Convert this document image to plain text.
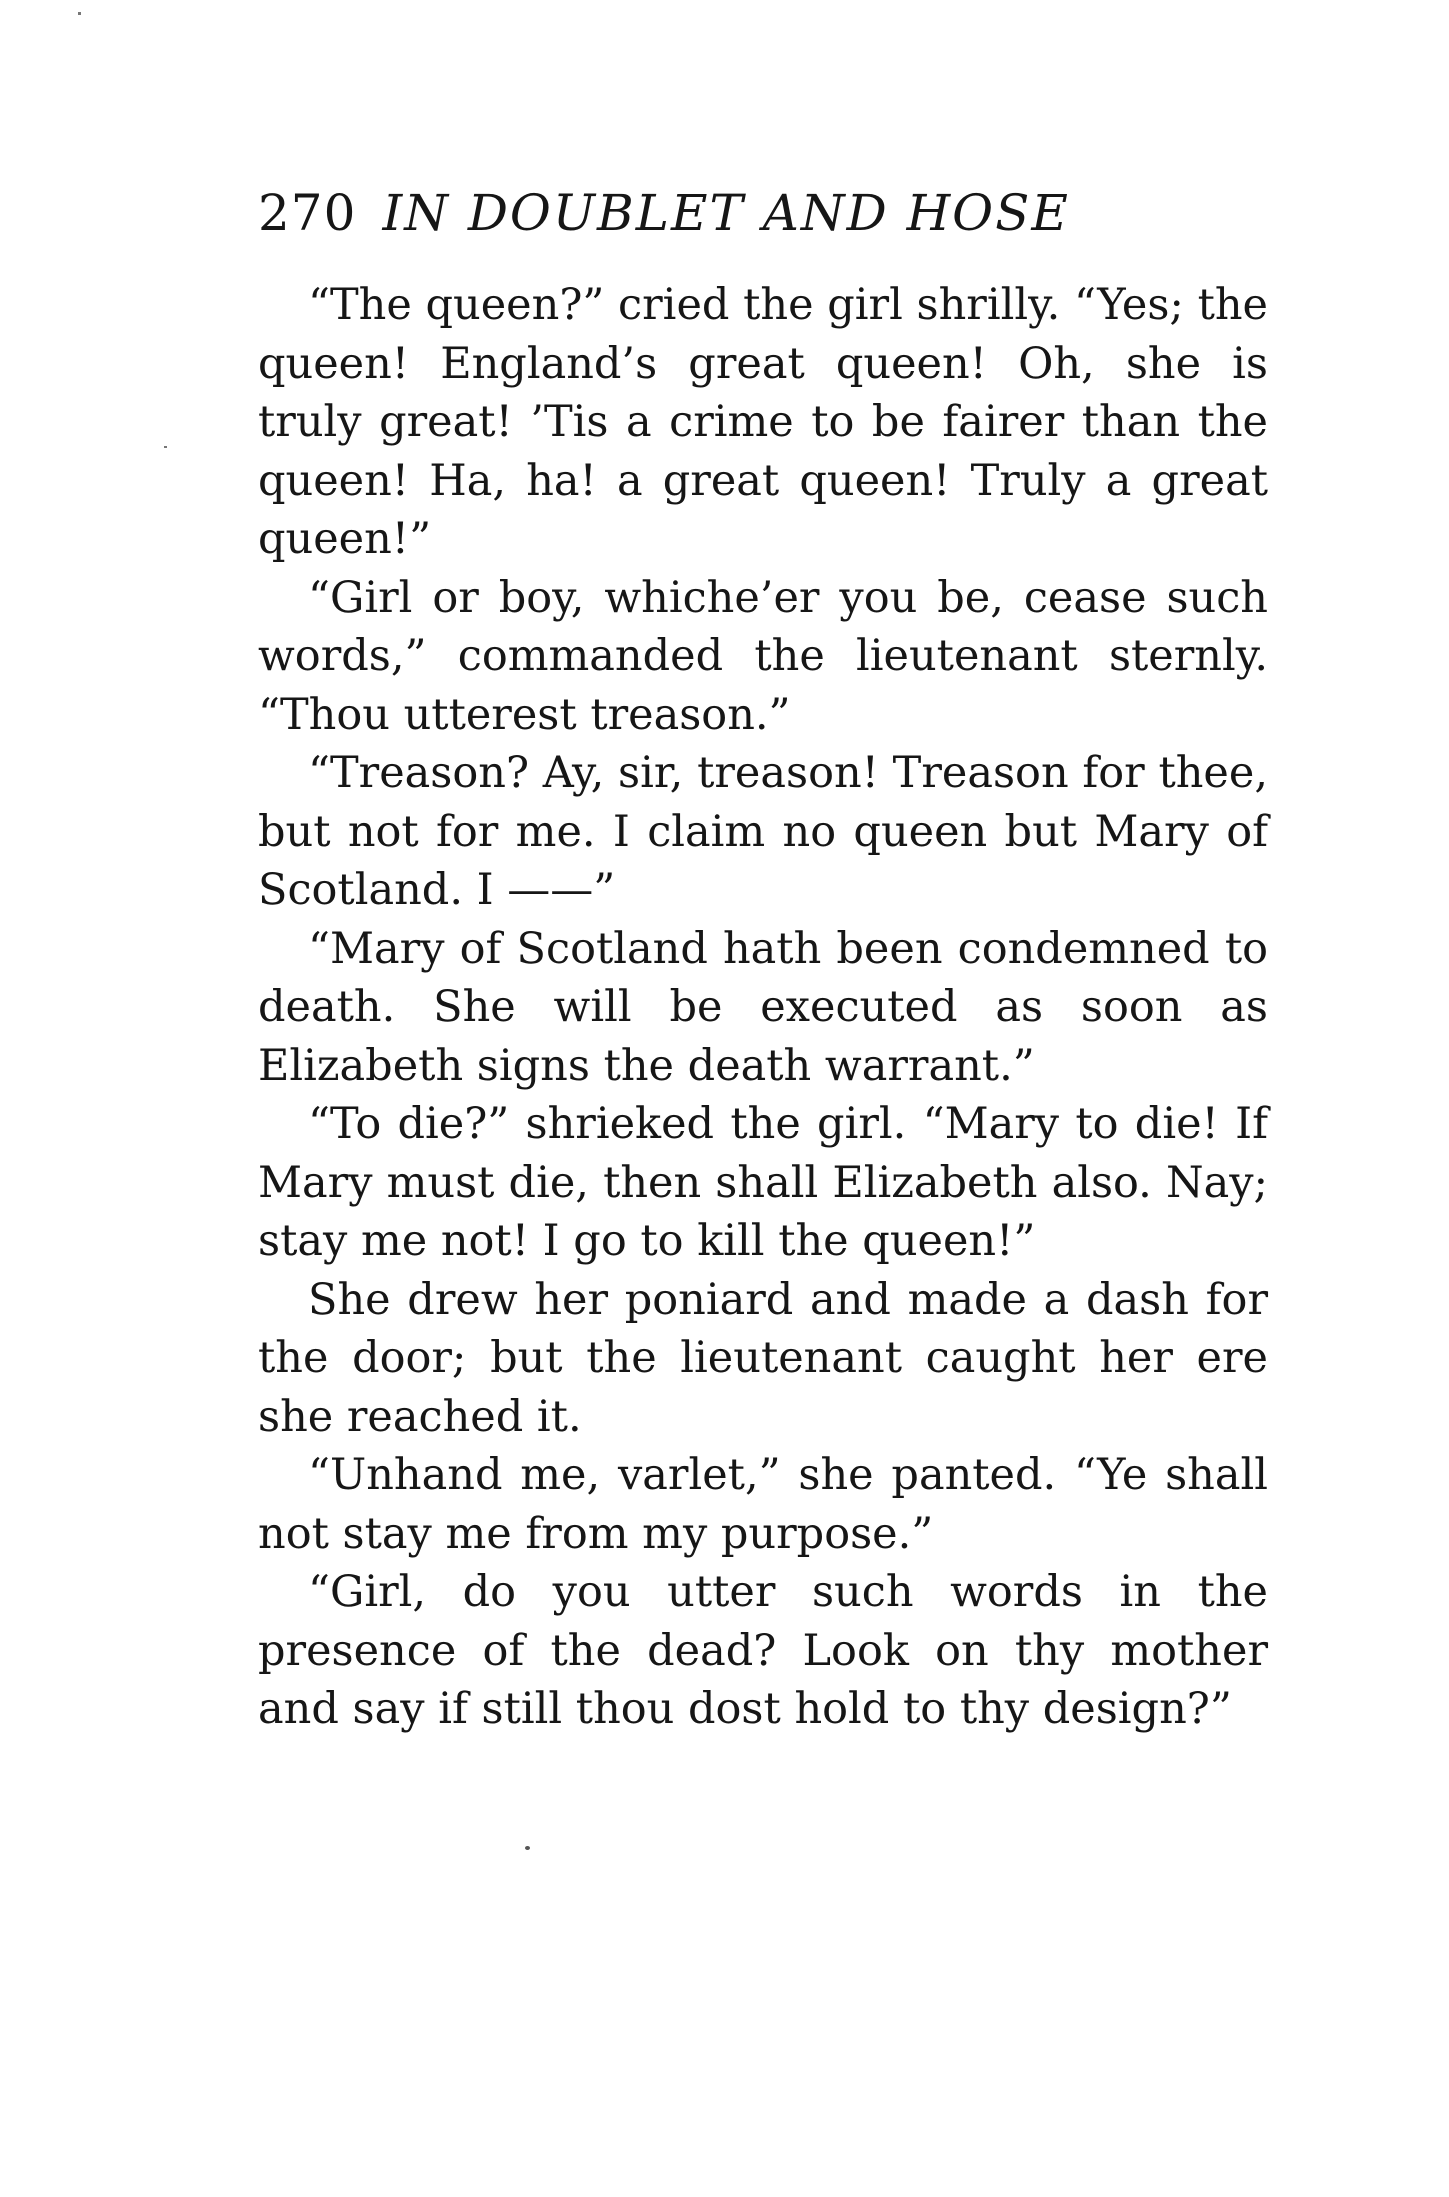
270 IN DOUBLET AND HOSE

“The queen?” cried the girl shrilly. “Yes; the queen! England’s great queen! Oh, she is truly great! ’Tis a crime to be fairer than the queen! Ha, ha! a great queen! Truly a great queen!”

“Girl or boy, whiche’er you be, cease such words,” commanded the lieutenant sternly. “Thou utterest treason.”

“Treason? Ay, sir, treason! Treason for thee, but not for me. I claim no queen but Mary of Scotland. I ——”

“Mary of Scotland hath been condemned to death. She will be executed as soon as Elizabeth signs the death warrant.”

“To die?” shrieked the girl. “Mary to die! If Mary must die, then shall Elizabeth also. Nay; stay me not! I go to kill the queen!”

She drew her poniard and made a dash for the door; but the lieutenant caught her ere she reached it.

“Unhand me, varlet,” she panted. “Ye shall not stay me from my purpose.”

“Girl, do you utter such words in the presence of the dead? Look on thy mother and say if still thou dost hold to thy design?”
